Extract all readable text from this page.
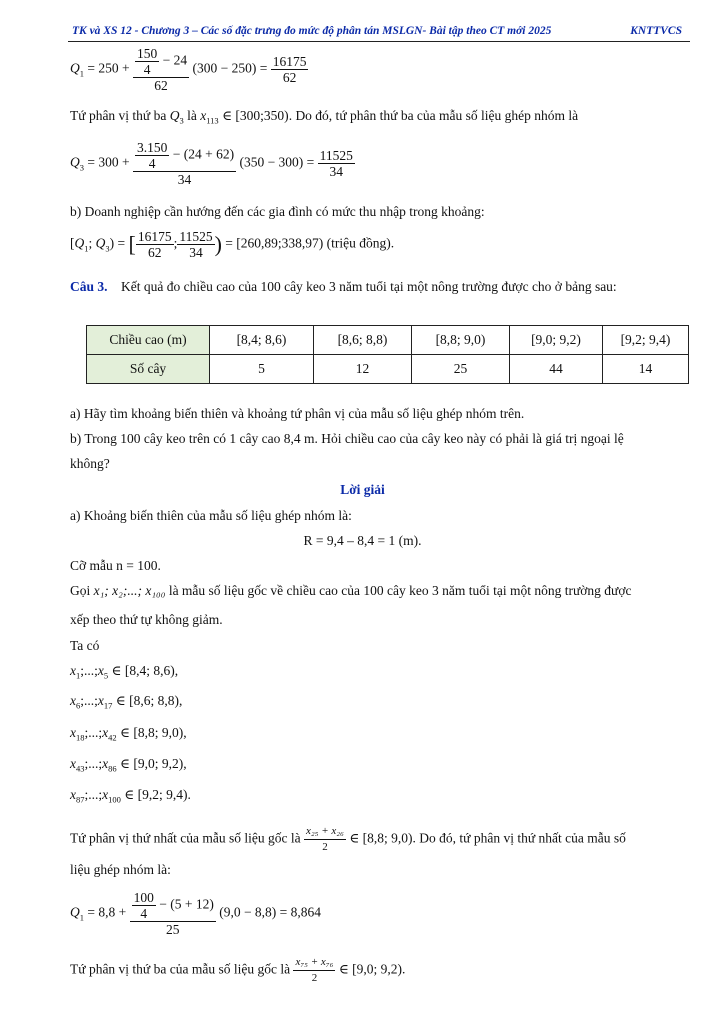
TK và XS 12 - Chương 3 – Các số đặc trưng đo mức độ phân tán MSLGN- Bài tập theo CT mới 2025	KNTTVCS
$Q_1 = 250 + \frac{\frac{150}{4} - 24}{62} (300 - 250) = \frac{16175}{62}$
Tứ phân vị thứ ba $Q_3$ là $x_{113}$ ∈ [300;350). Do đó, tứ phân thứ ba của mẫu số liệu ghép nhóm là
$Q_3 = 300 + \frac{\frac{3.150}{4} - (24 + 62)}{34} (350 - 300) = \frac{11525}{34}$
b) Doanh nghiệp cần hướng đến các gia đình có mức thu nhập trong khoảng:
[$Q_1$; $Q_3$) = [ $\frac{16175}{62}$ ; $\frac{11525}{34}$ ) = [260,89;338,97) (triệu đồng).
Câu 3. Kết quả đo chiều cao của 100 cây keo 3 năm tuổi tại một nông trường được cho ở bảng sau:
Chiều cao (m)	[8,4; 8,6)	[8,6; 8,8)	[8,8; 9,0)	[9,0; 9,2)	[9,2; 9,4)
Số cây	5	12	25	44	14
a) Hãy tìm khoảng biến thiên và khoảng tứ phân vị của mẫu số liệu ghép nhóm trên.
b) Trong 100 cây keo trên có 1 cây cao 8,4 m. Hỏi chiều cao của cây keo này có phải là giá trị ngoại lệ
không?
Lời giải
a) Khoảng biến thiên của mẫu số liệu ghép nhóm là:
R = 9,4 – 8,4 = 1 (m).
Cỡ mẫu n = 100.
Gọi x₁; x₂;...; x₁₀₀ là mẫu số liệu gốc về chiều cao của 100 cây keo 3 năm tuổi tại một nông trường được
xếp theo thứ tự không giảm.
Ta có
$x_1;...;x_5$ ∈ [8,4; 8,6),
$x_6;...;x_{17}$ ∈ [8,6; 8,8),
$x_{18};...;x_{42}$ ∈ [8,8; 9,0),
$x_{43};...;x_{86}$ ∈ [9,0; 9,2),
$x_{87};...;x_{100}$ ∈ [9,2; 9,4).
Tứ phân vị thứ nhất của mẫu số liệu gốc là $\frac{\text{x₂₅ + x₂₆}}{2}$ ∈ [8,8; 9,0). Do đó, tứ phân vị thứ nhất của mẫu số
liệu ghép nhóm là:
$Q_1 = 8,8 + \frac{\frac{100}{4} - (5 + 12)}{25} (9,0 - 8,8) = 8,864$
Tứ phân vị thứ ba của mẫu số liệu gốc là $\frac{\text{x₇₅ + x₇₆}}{2}$ ∈ [9,0; 9,2).
